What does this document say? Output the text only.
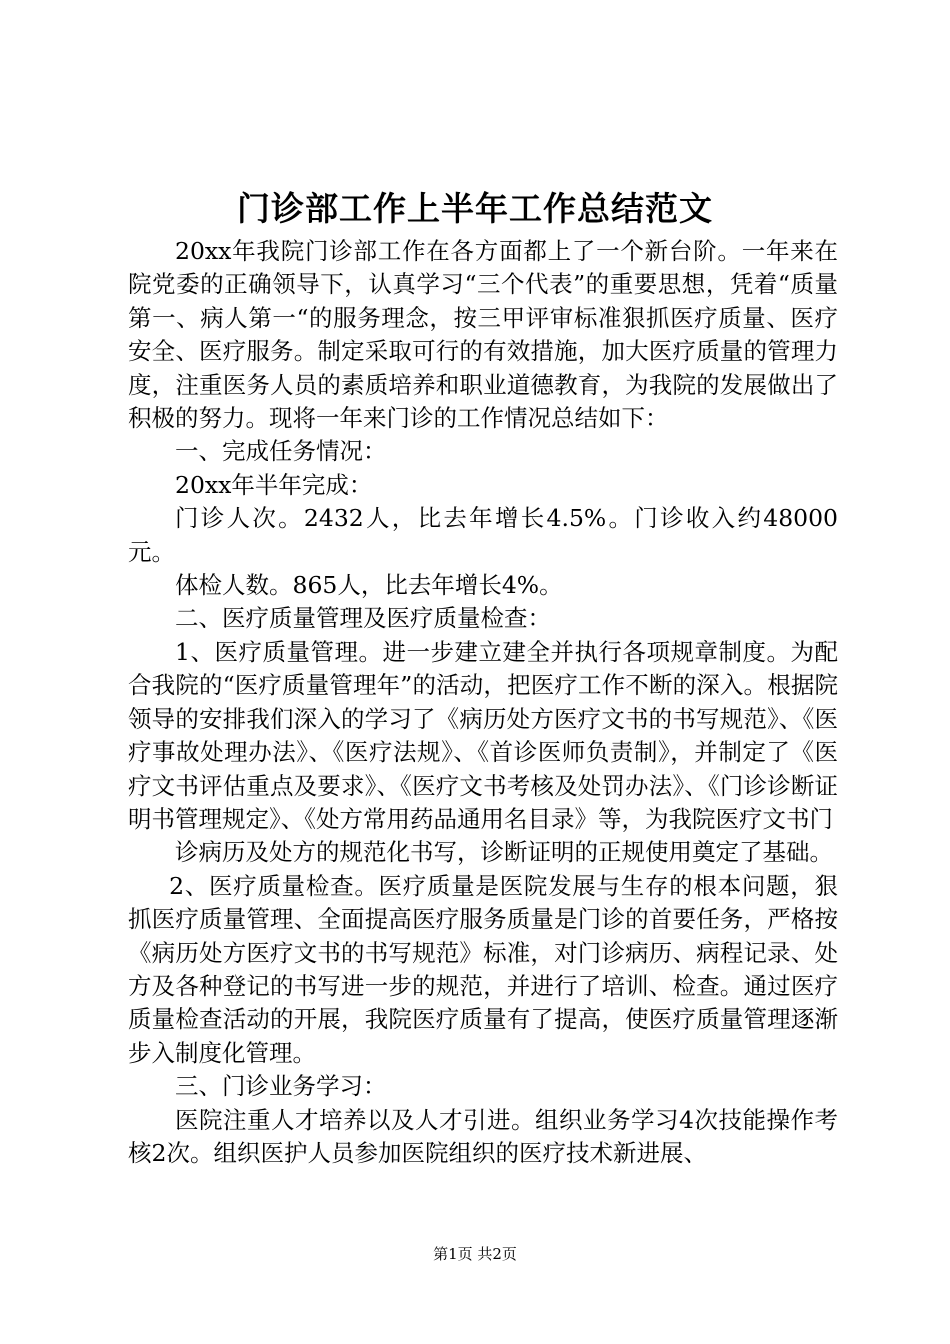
门诊部工作上半年工作总结范文

20xx年我院门诊部工作在各方面都上了一个新台阶。一年来在院党委的正确领导下，认真学习“三个代表”的重要思想，凭着“质量第一、病人第一“的服务理念，按三甲评审标准狠抓医疗质量、医疗安全、医疗服务。制定采取可行的有效措施，加大医疗质量的管理力度，注重医务人员的素质培养和职业道德教育，为我院的发展做出了积极的努力。现将一年来门诊的工作情况总结如下：

一、完成任务情况：

20xx年半年完成：

门诊人次。2432人，比去年增长4.5%。门诊收入约48000元。

体检人数。865人，比去年增长4%。

二、医疗质量管理及医疗质量检查：

1、医疗质量管理。进一步建立建全并执行各项规章制度。为配合我院的“医疗质量管理年”的活动，把医疗工作不断的深入。根据院领导的安排我们深入的学习了《病历处方医疗文书的书写规范》、《医疗事故处理办法》、《医疗法规》、《首诊医师负责制》，并制定了《医疗文书评估重点及要求》、《医疗文书考核及处罚办法》、《门诊诊断证明书管理规定》、《处方常用药品通用名目录》等，为我院医疗文书门

诊病历及处方的规范化书写，诊断证明的正规使用奠定了基础。

2、医疗质量检查。医疗质量是医院发展与生存的根本问题，狠抓医疗质量管理、全面提高医疗服务质量是门诊的首要任务，严格按《病历处方医疗文书的书写规范》标准，对门诊病历、病程记录、处方及各种登记的书写进一步的规范，并进行了培训、检查。通过医疗质量检查活动的开展，我院医疗质量有了提高，使医疗质量管理逐渐步入制度化管理。

三、门诊业务学习：

医院注重人才培养以及人才引进。组织业务学习4次技能操作考核2次。组织医护人员参加医院组织的医疗技术新进展、

第1页 共2页
